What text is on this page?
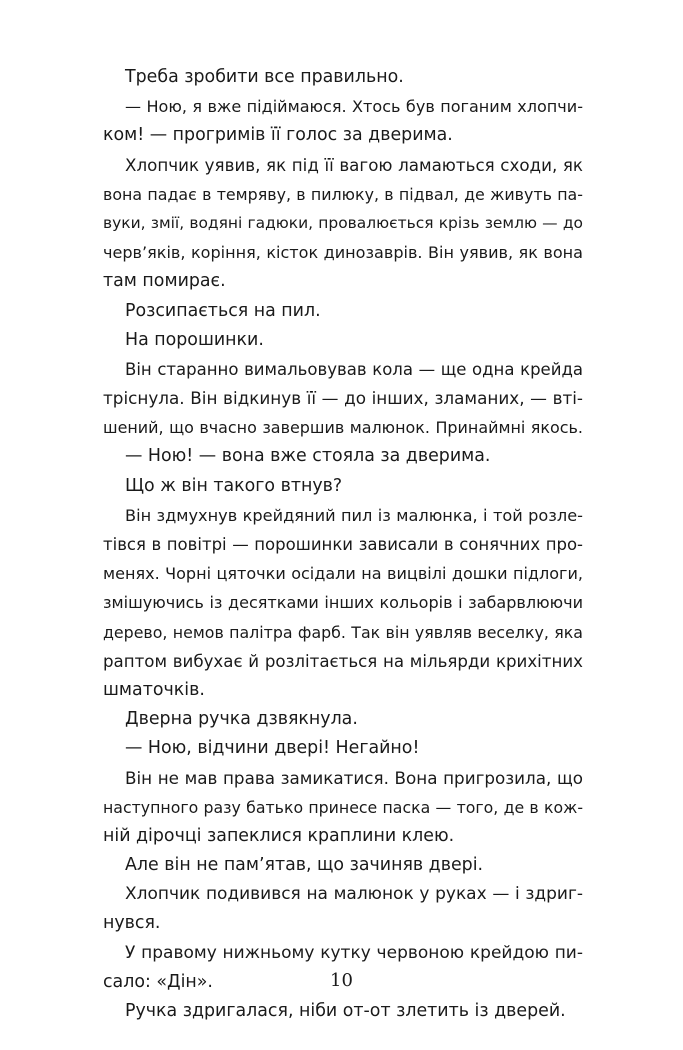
Треба зробити все правильно.
— Ною, я вже підіймаюся. Хтось був поганим хлопчи-
ком! — прогримів її голос за дверима.
Хлопчик уявив, як під її вагою ламаються сходи, як
вона падає в темряву, в пилюку, в підвал, де живуть па-
вуки, змії, водяні гадюки, провалюється крізь землю — до
черв’яків, коріння, кісток динозаврів. Він уявив, як вона
там помирає.
Розсипається на пил.
На порошинки.
Він старанно вимальовував кола — ще одна крейда
тріснула. Він відкинув її — до інших, зламаних, — вті-
шений, що вчасно завершив малюнок. Принаймні якось.
— Ною! — вона вже стояла за дверима.
Що ж він такого втнув?
Він здмухнув крейдяний пил із малюнка, і той розле-
тівся в повітрі — порошинки зависали в сонячних про-
менях. Чорні цяточки осідали на вицвілі дошки підлоги,
змішуючись із десятками інших кольорів і забарвлюючи
дерево, немов палітра фарб. Так він уявляв веселку, яка
раптом вибухає й розлітається на мільярди крихітних
шматочків.
Дверна ручка дзвякнула.
— Ною, відчини двері! Негайно!
Він не мав права замикатися. Вона пригрозила, що
наступного разу батько принесе паска — того, де в кож-
ній дірочці запеклися краплини клею.
Але він не пам’ятав, що зачиняв двері.
Хлопчик подивився на малюнок у руках — і здриг-
нувся.
У правому нижньому кутку червоною крейдою пи-
сало: «Дін».
Ручка здригалася, ніби от-от злетить із дверей.
10
